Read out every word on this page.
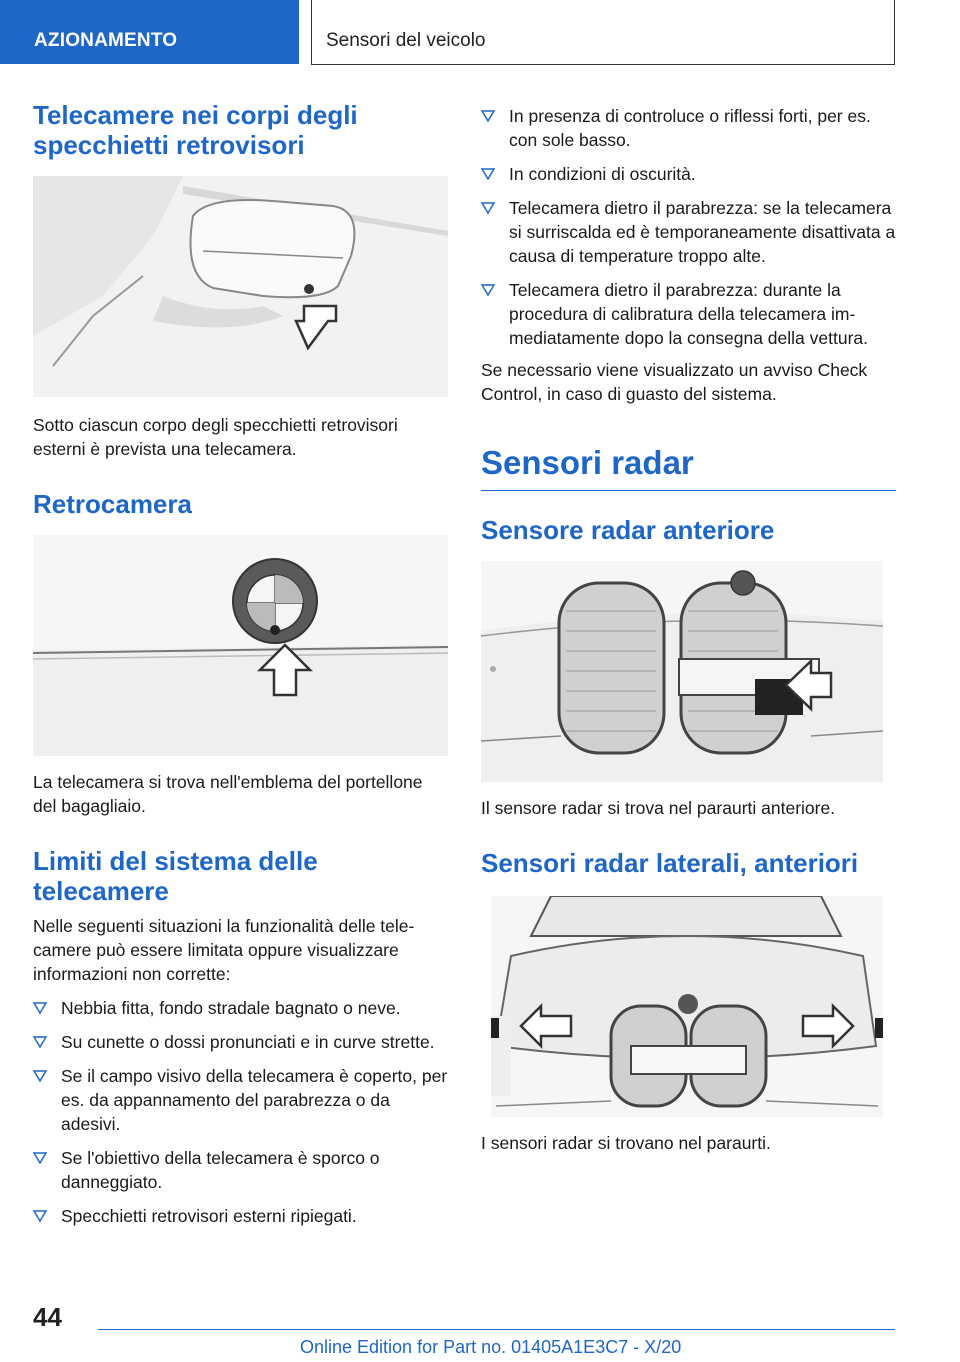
AZIONAMENTO	Sensori del veicolo
Telecamere nei corpi degli specchietti retrovisori

Sotto ciascun corpo degli specchietti retrovisori esterni è prevista una telecamera.

Retrocamera

La telecamera si trova nell'emblema del portellone del bagagliaio.

Limiti del sistema delle telecamere

Nelle seguenti situazioni la funzionalità delle telecamere può essere limitata oppure visualizzare informazioni non corrette:

Nebbia fitta, fondo stradale bagnato o neve.
Su cunette o dossi pronunciati e in curve strette.
Se il campo visivo della telecamera è coperto, per es. da appannamento del parabrezza o da adesivi.
Se l'obiettivo della telecamera è sporco o danneggiato.
Specchietti retrovisori esterni ripiegati.
In presenza di controluce o riflessi forti, per es. con sole basso.
In condizioni di oscurità.
Telecamera dietro il parabrezza: se la telecamera si surriscalda ed è temporaneamente disattivata a causa di temperature troppo alte.
Telecamera dietro il parabrezza: durante la procedura di calibratura della telecamera immediatamente dopo la consegna della vettura.

Se necessario viene visualizzato un avviso Check Control, in caso di guasto del sistema.

Sensori radar
Sensore radar anteriore

Il sensore radar si trova nel paraurti anteriore.

Sensori radar laterali, anteriori

I sensori radar si trovano nel paraurti.

44
Online Edition for Part no. 01405A1E3C7 - X/20
